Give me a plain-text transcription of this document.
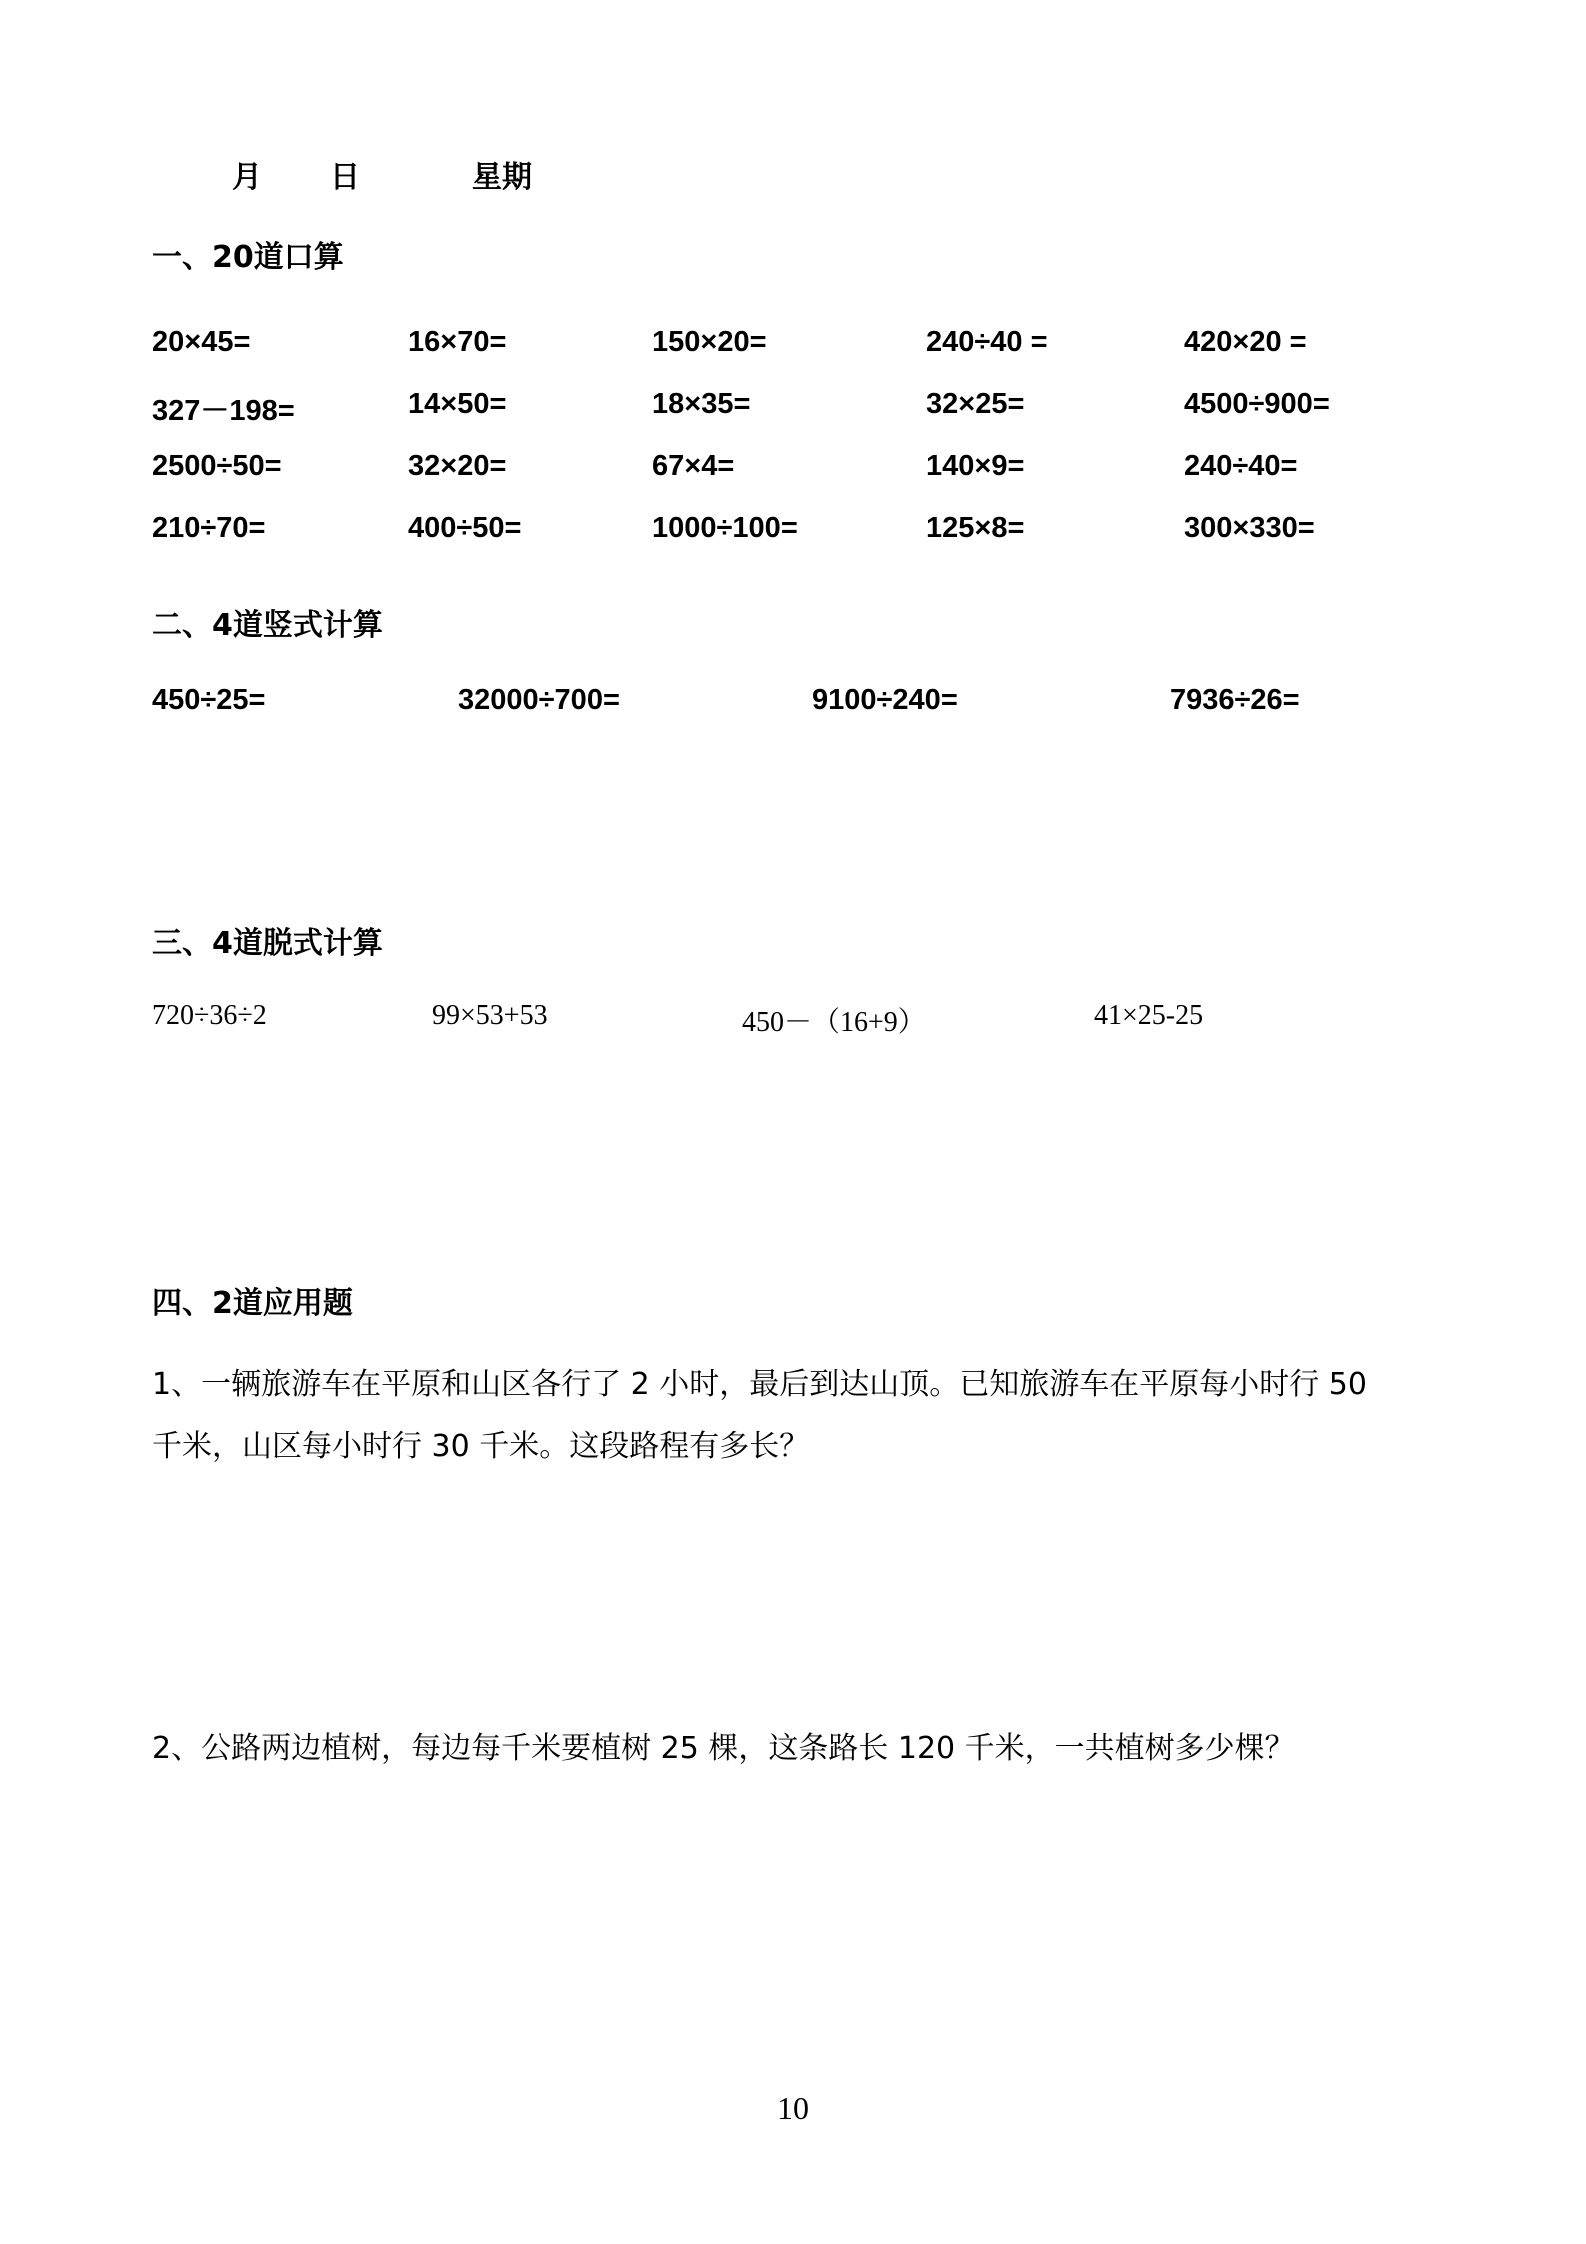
月 日	星期
一、20道口算
20×45=	16×70=	150×20=	240÷40 =	420×20 =
327－198=	14×50=	18×35=	32×25=	4500÷900=
2500÷50=	32×20=	67×4=	140×9=	240÷40=
210÷70=	400÷50=	1000÷100=	125×8=	300×330=
二、4道竖式计算
450÷25=	32000÷700=	9100÷240=	7936÷26=
三、4道脱式计算
720÷36÷2	99×53+53	450－（16+9）	41×25-25
四、2道应用题
1、一辆旅游车在平原和山区各行了 2 小时，最后到达山顶。已知旅游车在平原每小时行 50
千米，山区每小时行 30 千米。这段路程有多长？
2、公路两边植树，每边每千米要植树 25 棵，这条路长 120 千米，一共植树多少棵？
10
